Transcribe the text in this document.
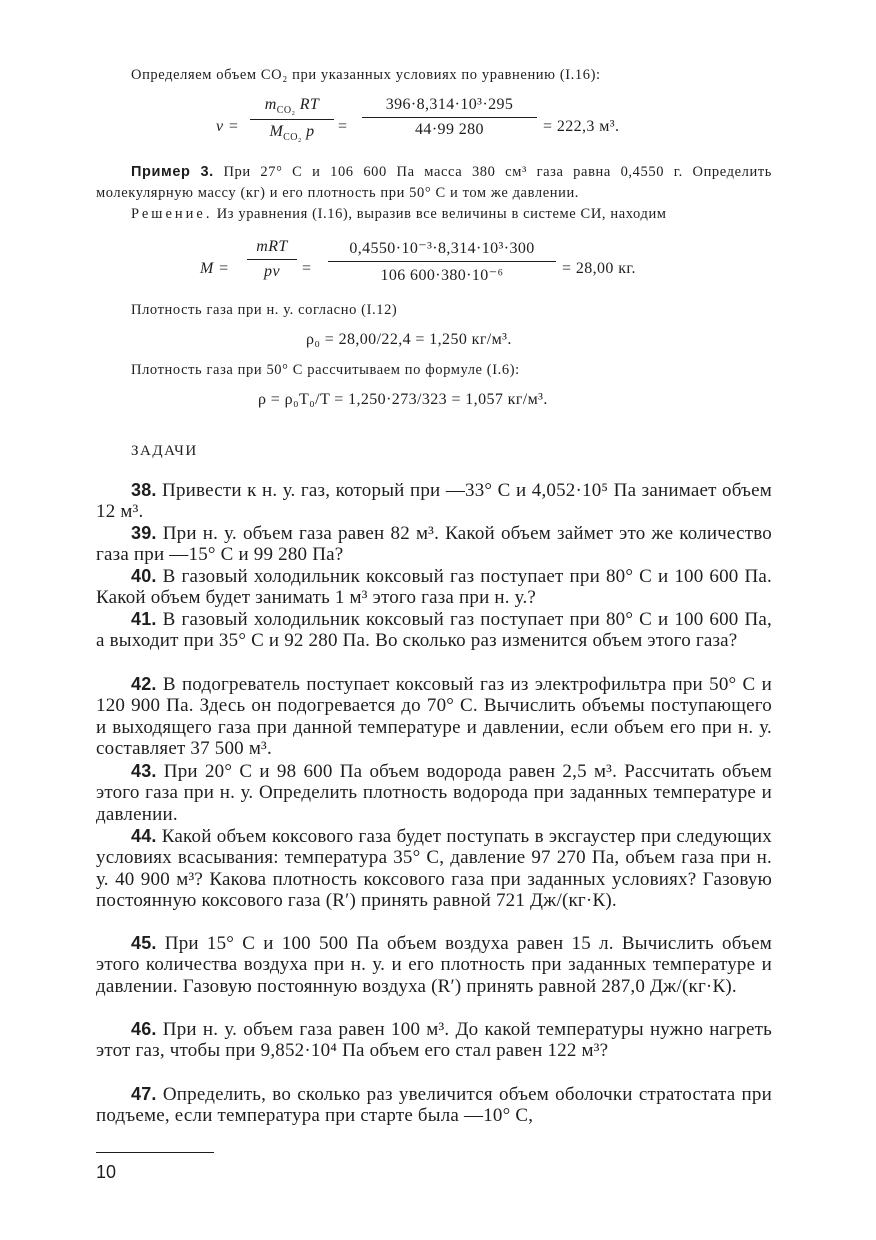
Определяем объем CO₂ при указанных условиях по уравнению (I.16):
v =
$m_{CO_2}$ RT
$M_{CO_2}$ p	= $\frac{\text{396·8,314·10³·295}}{44\cdot 99 280} = 222,3$ м³.
Пример 3. При 27° С и 106 600 Па масса 380 см³ газа равна 0,4550 г. Определить молекулярную массу (кг) и его плотность при 50° С и том же давлении.
Решение. Из уравнения (I.16), выразив все величины в системе СИ, находим
M =
mRT
pv	= $\frac{\text{0,4550·10⁻³·8,314·10³·300}}{\text{106 600·380·10⁻⁶}} = 28,00$ кг.
Плотность газа при н. у. согласно (I.12)
ρ₀ = 28,00/22,4 = 1,250 кг/м³.
Плотность газа при 50° С рассчитываем по формуле (I.6):
ρ = ρ₀T₀/T = 1,250·273/323 = 1,057 кг/м³.
ЗАДАЧИ
38. Привести к н. у. газ, который при —33° С и 4,052·10⁵ Па занимает объем 12 м³.
39. При н. у. объем газа равен 82 м³. Какой объем займет это же количество газа при —15° С и 99 280 Па?
40. В газовый холодильник коксовый газ поступает при 80° С и 100 600 Па. Какой объем будет занимать 1 м³ этого газа при н. у.?
41. В газовый холодильник коксовый газ поступает при 80° С и 100 600 Па, а выходит при 35° С и 92 280 Па. Во сколько раз изменится объем этого газа?
42. В подогреватель поступает коксовый газ из электрофильтра при 50° С и 120 900 Па. Здесь он подогревается до 70° С. Вычислить объемы поступающего и выходящего газа при данной температуре и давлении, если объем его при н. у. составляет 37 500 м³.
43. При 20° С и 98 600 Па объем водорода равен 2,5 м³. Рассчитать объем этого газа при н. у. Определить плотность водорода при заданных температуре и давлении.
44. Какой объем коксового газа будет поступать в эксгаустер при следующих условиях всасывания: температура 35° С, давление 97 270 Па, объем газа при н. у. 40 900 м³? Какова плотность коксового газа при заданных условиях? Газовую постоянную коксового газа (R′) принять равной 721 Дж/(кг·К).
45. При 15° С и 100 500 Па объем воздуха равен 15 л. Вычислить объем этого количества воздуха при н. у. и его плотность при заданных температуре и давлении. Газовую постоянную воздуха (R′) принять равной 287,0 Дж/(кг·К).
46. При н. у. объем газа равен 100 м³. До какой температуры нужно нагреть этот газ, чтобы при 9,852·10⁴ Па объем его стал равен 122 м³?
47. Определить, во сколько раз увеличится объем оболочки стратостата при подъеме, если температура при старте была —10° С,
10
